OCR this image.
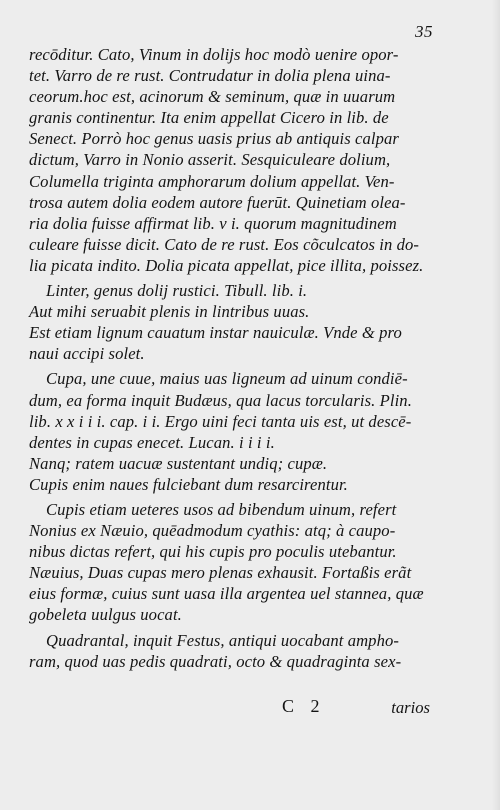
35
recōditur. Cato, Vinum in dolijs hoc modò uenire opor-
tet. Varro de re rust. Contrudatur in dolia plena uina-
ceorum.hoc est, acinorum & seminum, quæ in uuarum
granis continentur. Ita enim appellat Cicero in lib. de
Senect. Porrò hoc genus uasis prius ab antiquis calpar
dictum, Varro in Nonio asserit. Sesquiculeare dolium,
Columella triginta amphorarum dolium appellat. Ven-
trosa autem dolia eodem autore fuerūt. Quinetiam olea-
ria dolia fuisse affirmat lib. v i. quorum magnitudinem
culeare fuisse dicit. Cato de re rust. Eos cõculcatos in do-
lia picata indito. Dolia picata appellat, pice illita, poissez.
Linter, genus dolij rustici. Tibull. lib. i.
Aut mihi seruabit plenis in lintribus uuas.
Est etiam lignum cauatum instar nauiculæ. Vnde & pro
naui accipi solet.
Cupa, une cuue, maius uas ligneum ad uinum condiē-
dum, ea forma inquit Budæus, qua lacus torcularis. Plin.
lib. x x i i i. cap. i i. Ergo uini feci tanta uis est, ut descē-
dentes in cupas enecet. Lucan. i i i i.
Nanq; ratem uacuæ sustentant undiq; cupæ.
Cupis enim naues fulciebant dum resarcirentur.
Cupis etiam ueteres usos ad bibendum uinum, refert
Nonius ex Næuio, quēadmodum cyathis: atq; à caupo-
nibus dictas refert, qui his cupis pro poculis utebantur.
Næuius, Duas cupas mero plenas exhausit. Fortaßis erãt
eius formæ, cuius sunt uasa illa argentea uel stannea, quæ
gobeleta uulgus uocat.
Quadrantal, inquit Festus, antiqui uocabant ampho-
ram, quod uas pedis quadrati, octo & quadraginta sex-
C 2	tarios
